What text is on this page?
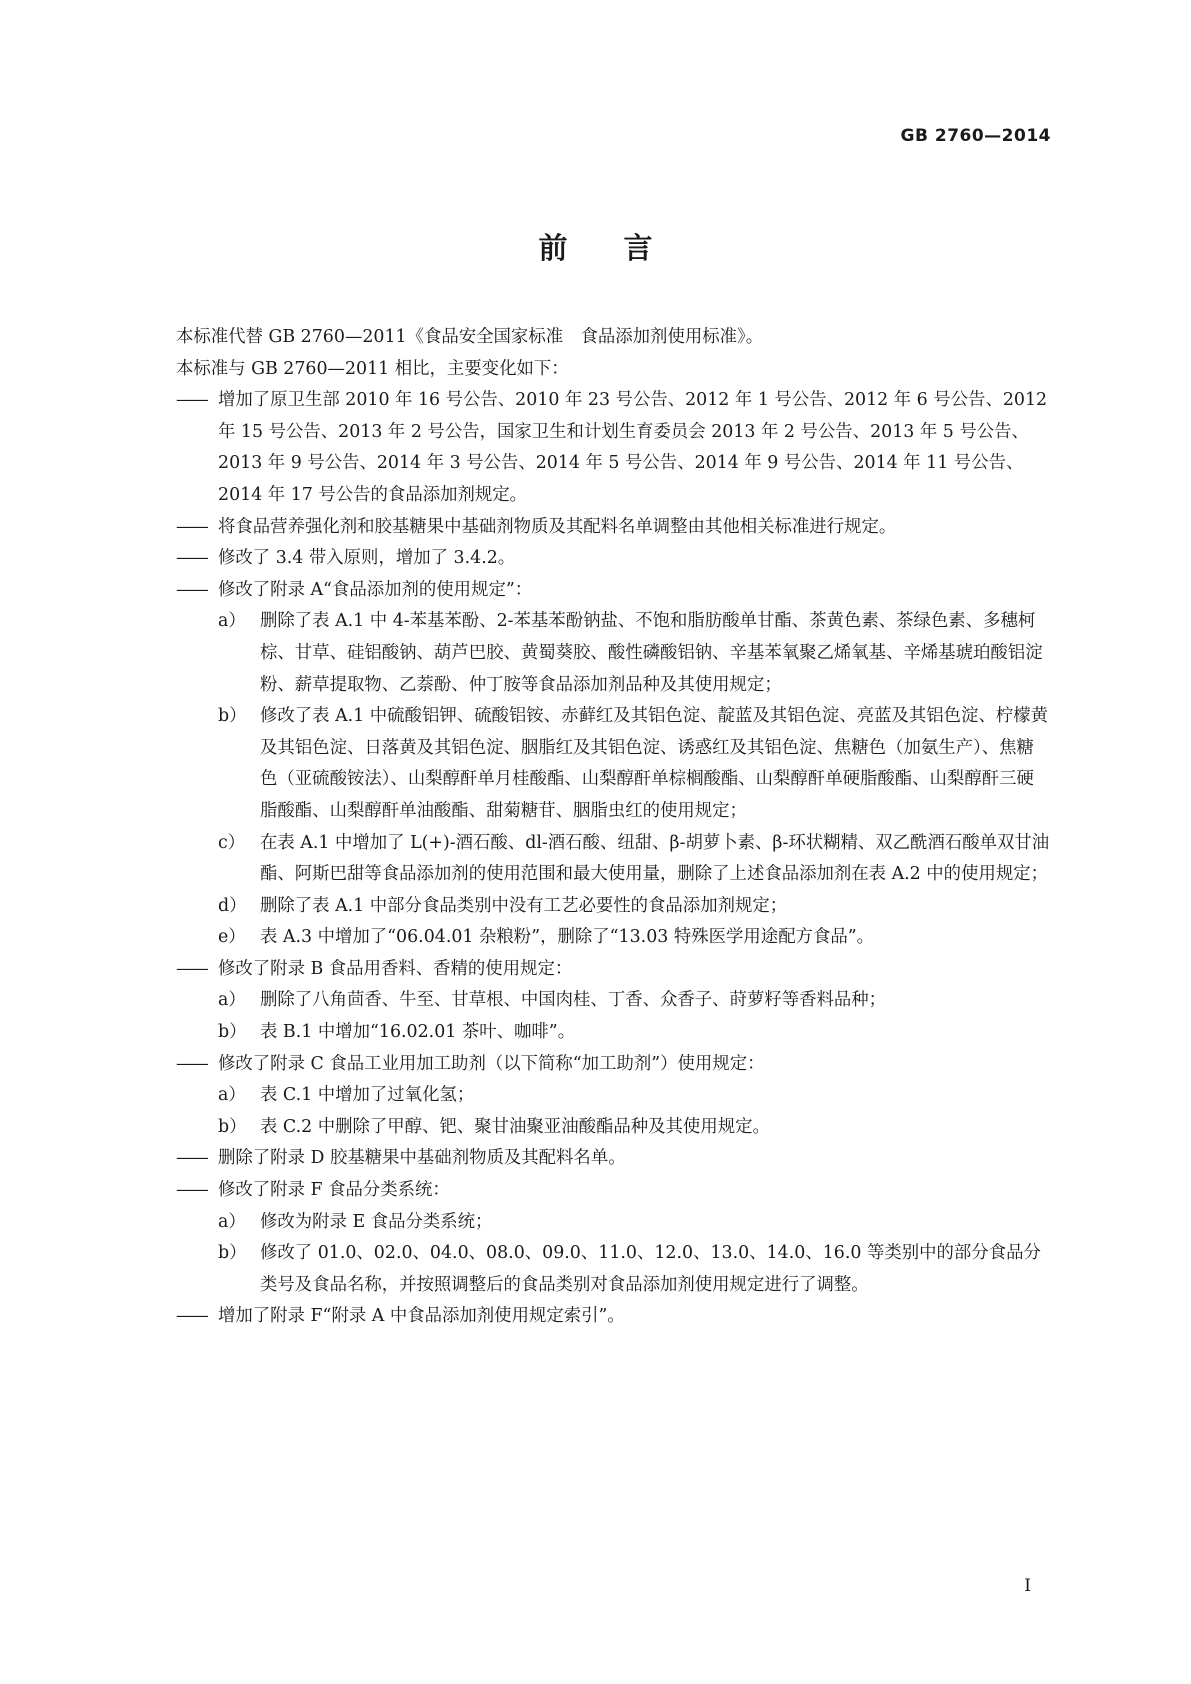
GB 2760—2014
前 言

本标准代替 GB 2760—2011《食品安全国家标准　食品添加剂使用标准》。

本标准与 GB 2760—2011 相比，主要变化如下：

—— 增加了原卫生部 2010 年 16 号公告、2010 年 23 号公告、2012 年 1 号公告、2012 年 6 号公告、2012 年 15 号公告、2013 年 2 号公告，国家卫生和计划生育委员会 2013 年 2 号公告、2013 年 5 号公告、2013 年 9 号公告、2014 年 3 号公告、2014 年 5 号公告、2014 年 9 号公告、2014 年 11 号公告、2014 年 17 号公告的食品添加剂规定。

—— 将食品营养强化剂和胶基糖果中基础剂物质及其配料名单调整由其他相关标准进行规定。

—— 修改了 3.4 带入原则，增加了 3.4.2。

—— 修改了附录 A“食品添加剂的使用规定”：

a） 删除了表 A.1 中 4-苯基苯酚、2-苯基苯酚钠盐、不饱和脂肪酸单甘酯、茶黄色素、茶绿色素、多穗柯棕、甘草、硅铝酸钠、葫芦巴胶、黄蜀葵胶、酸性磷酸铝钠、辛基苯氧聚乙烯氧基、辛烯基琥珀酸铝淀粉、薪草提取物、乙萘酚、仲丁胺等食品添加剂品种及其使用规定；

b） 修改了表 A.1 中硫酸铝钾、硫酸铝铵、赤藓红及其铝色淀、靛蓝及其铝色淀、亮蓝及其铝色淀、柠檬黄及其铝色淀、日落黄及其铝色淀、胭脂红及其铝色淀、诱惑红及其铝色淀、焦糖色（加氨生产）、焦糖色（亚硫酸铵法）、山梨醇酐单月桂酸酯、山梨醇酐单棕榈酸酯、山梨醇酐单硬脂酸酯、山梨醇酐三硬脂酸酯、山梨醇酐单油酸酯、甜菊糖苷、胭脂虫红的使用规定；

c） 在表 A.1 中增加了 L(+)-酒石酸、dl-酒石酸、纽甜、β-胡萝卜素、β-环状糊精、双乙酰酒石酸单双甘油酯、阿斯巴甜等食品添加剂的使用范围和最大使用量，删除了上述食品添加剂在表 A.2 中的使用规定；

d） 删除了表 A.1 中部分食品类别中没有工艺必要性的食品添加剂规定；

e） 表 A.3 中增加了“06.04.01 杂粮粉”，删除了“13.03 特殊医学用途配方食品”。

—— 修改了附录 B 食品用香料、香精的使用规定：

a） 删除了八角茴香、牛至、甘草根、中国肉桂、丁香、众香子、莳萝籽等香料品种；

b） 表 B.1 中增加“16.02.01 茶叶、咖啡”。

—— 修改了附录 C 食品工业用加工助剂（以下简称“加工助剂”）使用规定：

a） 表 C.1 中增加了过氧化氢；

b） 表 C.2 中删除了甲醇、钯、聚甘油聚亚油酸酯品种及其使用规定。

—— 删除了附录 D 胶基糖果中基础剂物质及其配料名单。

—— 修改了附录 F 食品分类系统：

a） 修改为附录 E 食品分类系统；

b） 修改了 01.0、02.0、04.0、08.0、09.0、11.0、12.0、13.0、14.0、16.0 等类别中的部分食品分类号及食品名称，并按照调整后的食品类别对食品添加剂使用规定进行了调整。

—— 增加了附录 F“附录 A 中食品添加剂使用规定索引”。

I
